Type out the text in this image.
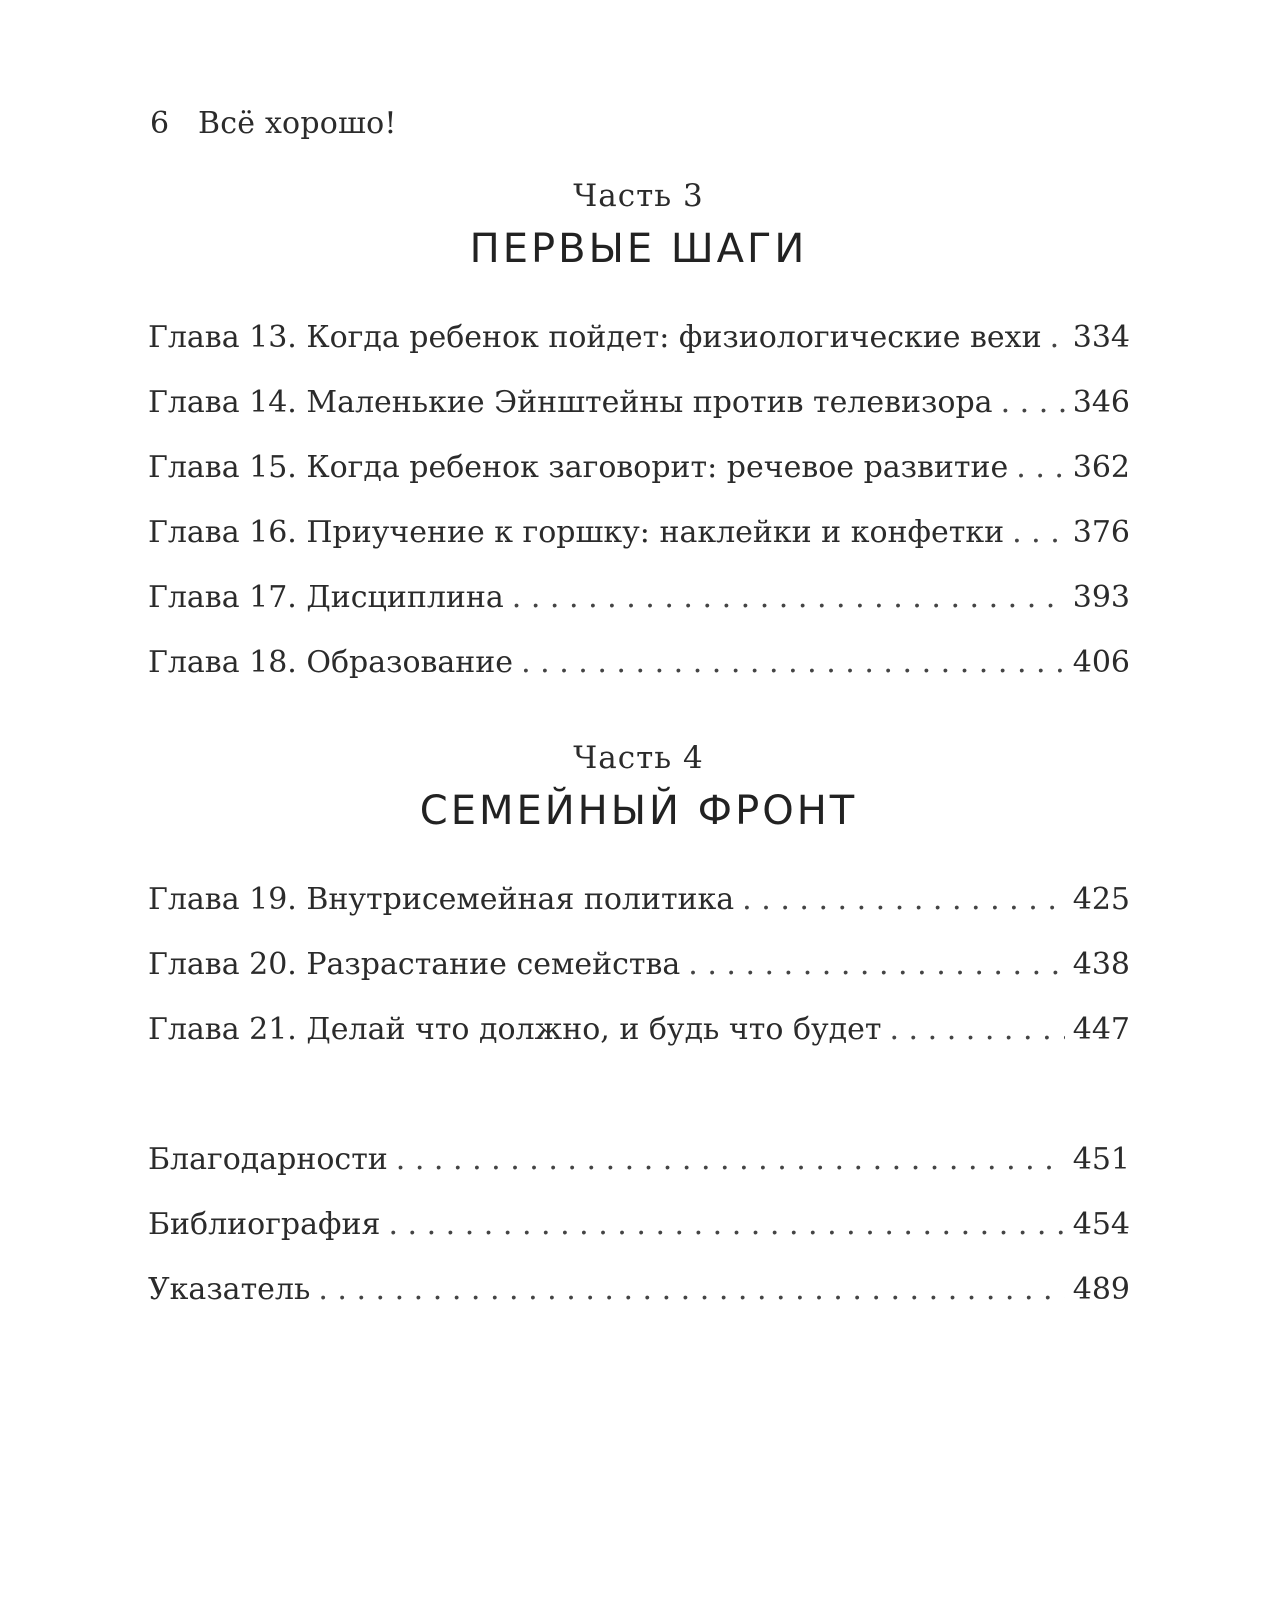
6 Всё хорошо!
Часть 3
ПЕРВЫЕ ШАГИ
Глава 13. Когда ребенок пойдет: физиологические вехи . . . 334
Глава 14. Маленькие Эйнштейны против телевизора . . .	346
Глава 15. Когда ребенок заговорит: речевое развитие . . . 362
Глава 16. Приучение к горшку: наклейки и конфетки . . . 376
Глава 17. Дисциплина . . .	393
Глава 18. Образование . . .	406
Часть 4
СЕМЕЙНЫЙ ФРОНТ
Глава 19. Внутрисемейная политика . . .	425
Глава 20. Разрастание семейства . . .	438
Глава 21. Делай что должно, и будь что будет . . .	447
Благодарности . . .	451
Библиография . . .	454
Указатель . . .	489
